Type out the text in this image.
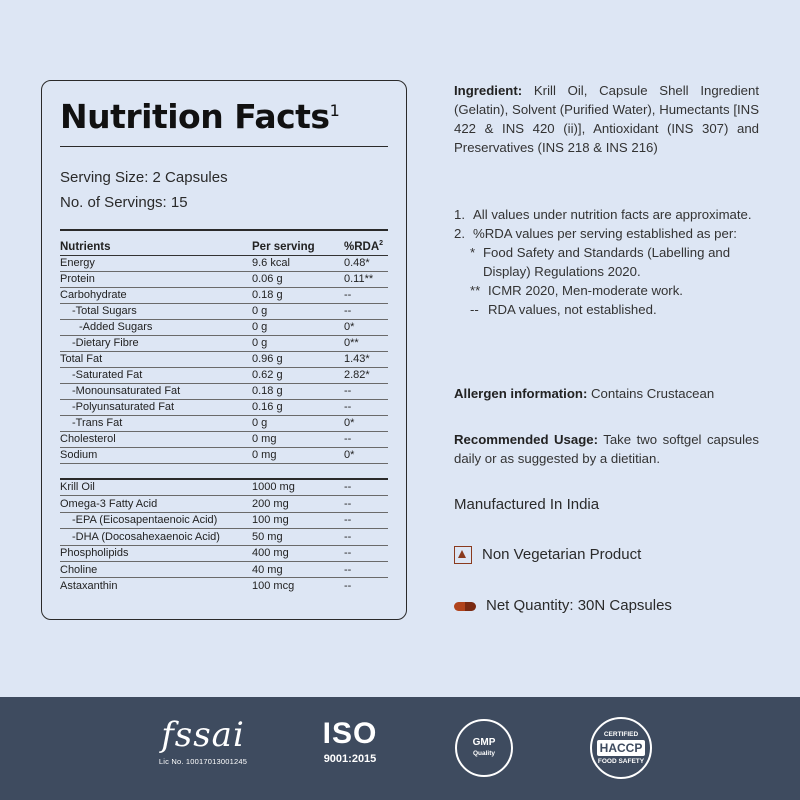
Nutrition Facts$^1$
Serving Size: 2 Capsules
No. of Servings: 15
Nutrients	Per serving	%RDA$^2$
Energy	9.6 kcal	0.48*
Protein	0.06 g	0.11**
Carbohydrate	0.18 g	--
-Total Sugars	0 g	--
-Added Sugars	0 g	0*
-Dietary Fibre	0 g	0**
Total Fat	0.96 g	1.43*
-Saturated Fat	0.62 g	2.82*
-Monounsaturated Fat	0.18 g	--
-Polyunsaturated Fat	0.16 g	--
-Trans Fat	0 g	0*
Cholesterol	0 mg	--
Sodium	0 mg	0*
Krill Oil	1000 mg	--
Omega-3 Fatty Acid	200 mg	--
-EPA (Eicosapentaenoic Acid)	100 mg	--
-DHA (Docosahexaenoic Acid)	50 mg	--
Phospholipids	400 mg	--
Choline	40 mg	--
Astaxanthin	100 mcg	--
Ingredient: Krill Oil, Capsule Shell Ingredient (Gelatin), Solvent (Purified Water), Humectants [INS 422 & INS 420 (ii)], Antioxidant (INS 307) and Preservatives (INS 218 & INS 216)
1. All values under nutrition facts are approximate.
2. %RDA values per serving established as per:
* Food Safety and Standards (Labelling and Display) Regulations 2020.
** ICMR 2020, Men-moderate work.
-- RDA values, not established.
Allergen information: Contains Crustacean
Recommended Usage: Take two softgel capsules daily or as suggested by a dietitian.
Manufactured In India
Non Vegetarian Product
Net Quantity: 30N Capsules
fssai
Lic No. 10017013001245
ISO
9001:2015
GMP
Quality
CERTIFIED
HACCP
FOOD SAFETY
